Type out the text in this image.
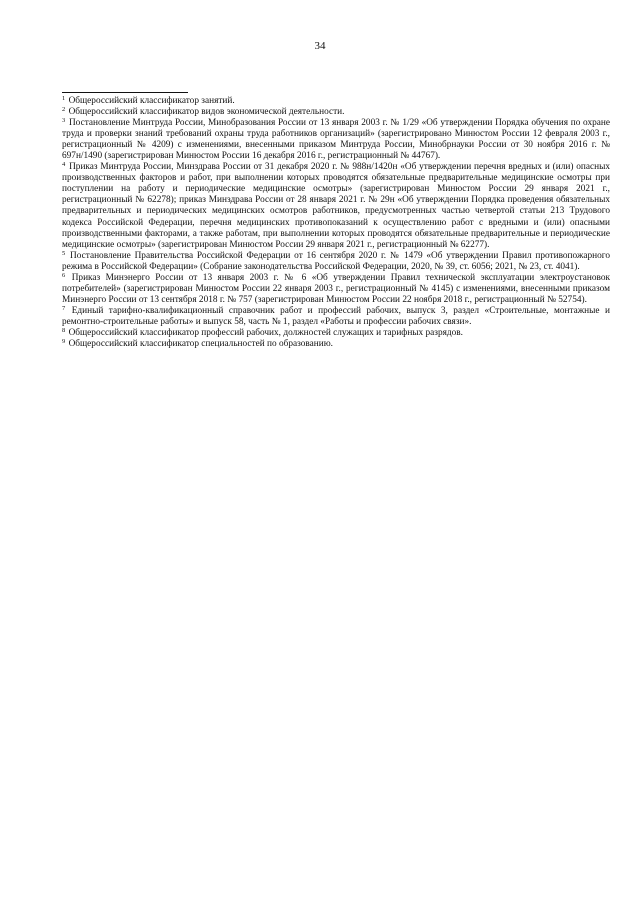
34

$^1$ Общероссийский классификатор занятий.

$^2$ Общероссийский классификатор видов экономической деятельности.

$^3$ Постановление Минтруда России, Минобразования России от 13 января 2003 г. № 1/29 «Об утверждении Порядка обучения по охране труда и проверки знаний требований охраны труда работников организаций» (зарегистрировано Минюстом России 12 февраля 2003 г., регистрационный № 4209) с изменениями, внесенными приказом Минтруда России, Минобрнауки России от 30 ноября 2016 г. № 697н/1490 (зарегистрирован Минюстом России 16 декабря 2016 г., регистрационный № 44767).

$^4$ Приказ Минтруда России, Минздрава России от 31 декабря 2020 г. № 988н/1420н «Об утверждении перечня вредных и (или) опасных производственных факторов и работ, при выполнении которых проводятся обязательные предварительные медицинские осмотры при поступлении на работу и периодические медицинские осмотры» (зарегистрирован Минюстом России 29 января 2021 г., регистрационный № 62278); приказ Минздрава России от 28 января 2021 г. № 29н «Об утверждении Порядка проведения обязательных предварительных и периодических медицинских осмотров работников, предусмотренных частью четвертой статьи 213 Трудового кодекса Российской Федерации, перечня медицинских противопоказаний к осуществлению работ с вредными и (или) опасными производственными факторами, а также работам, при выполнении которых проводятся обязательные предварительные и периодические медицинские осмотры» (зарегистрирован Минюстом России 29 января 2021 г., регистрационный № 62277).

$^5$ Постановление Правительства Российской Федерации от 16 сентября 2020 г. № 1479 «Об утверждении Правил противопожарного режима в Российской Федерации» (Собрание законодательства Российской Федерации, 2020, № 39, ст. 6056; 2021, № 23, ст. 4041).

$^6$ Приказ Минэнерго России от 13 января 2003 г. № 6 «Об утверждении Правил технической эксплуатации электроустановок потребителей» (зарегистрирован Минюстом России 22 января 2003 г., регистрационный № 4145) с изменениями, внесенными приказом Минэнерго России от 13 сентября 2018 г. № 757 (зарегистрирован Минюстом России 22 ноября 2018 г., регистрационный № 52754).

$^7$ Единый тарифно-квалификационный справочник работ и профессий рабочих, выпуск 3, раздел «Строительные, монтажные и ремонтно-строительные работы» и выпуск 58, часть № 1, раздел «Работы и профессии рабочих связи».

$^8$ Общероссийский классификатор профессий рабочих, должностей служащих и тарифных разрядов.

$^9$ Общероссийский классификатор специальностей по образованию.
